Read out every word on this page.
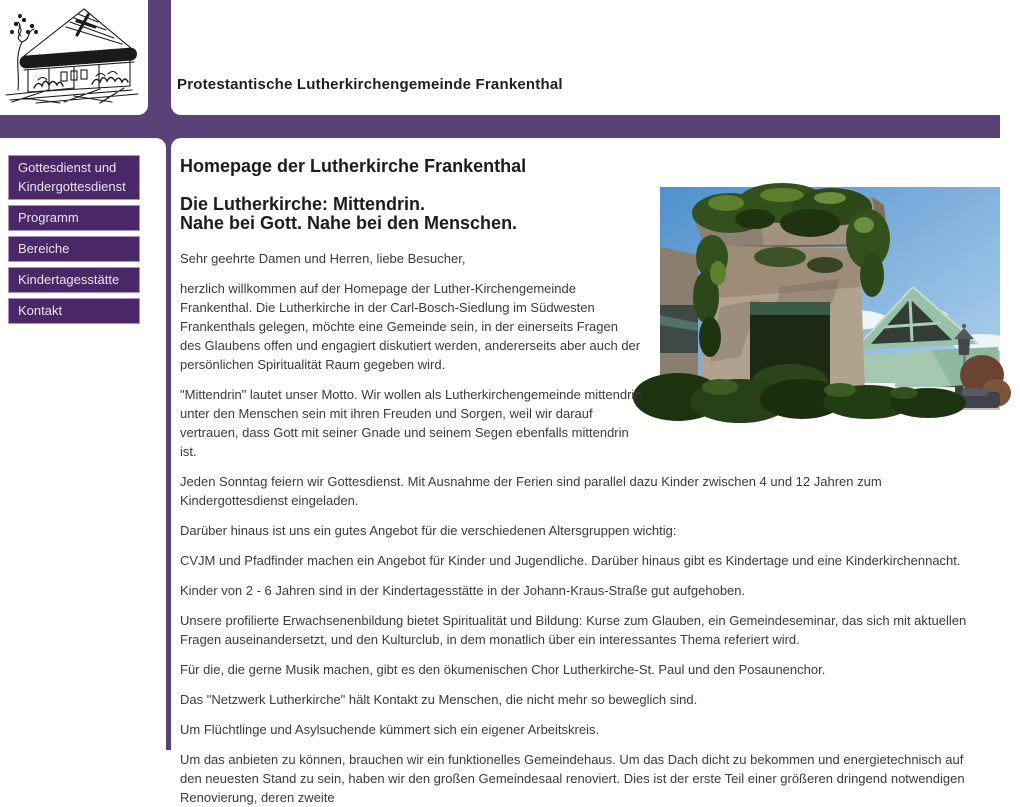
Protestantische Lutherkirchengemeinde Frankenthal
Gottesdienst und Kindergottesdienst
Programm
Bereiche
Kindertagesstätte
Kontakt
Homepage der Lutherkirche Frankenthal
Die Lutherkirche: Mittendrin.
Nahe bei Gott. Nahe bei den Menschen.

Sehr geehrte Damen und Herren, liebe Besucher,

herzlich willkommen auf der Homepage der Luther-Kirchengemeinde Frankenthal. Die Lutherkirche in der Carl-Bosch-Siedlung im Südwesten Frankenthals gelegen, möchte eine Gemeinde sein, in der einerseits Fragen des Glaubens offen und engagiert diskutiert werden, andererseits aber auch der persönlichen Spiritualität Raum gegeben wird.

"Mittendrin" lautet unser Motto. Wir wollen als Lutherkirchengemeinde mittendrin unter den Menschen sein mit ihren Freuden und Sorgen, weil wir darauf vertrauen, dass Gott mit seiner Gnade und seinem Segen ebenfalls mittendrin ist.

Jeden Sonntag feiern wir Gottesdienst. Mit Ausnahme der Ferien sind parallel dazu Kinder zwischen 4 und 12 Jahren zum Kindergottesdienst eingeladen.

Darüber hinaus ist uns ein gutes Angebot für die verschiedenen Altersgruppen wichtig:

CVJM und Pfadfinder machen ein Angebot für Kinder und Jugendliche. Darüber hinaus gibt es Kindertage und eine Kinderkirchennacht.

Kinder von 2 - 6 Jahren sind in der Kindertagesstätte in der Johann-Kraus-Straße gut aufgehoben.

Unsere profilierte Erwachsenenbildung bietet Spiritualität und Bildung: Kurse zum Glauben, ein Gemeindeseminar, das sich mit aktuellen Fragen auseinandersetzt, und den Kulturclub, in dem monatlich über ein interessantes Thema referiert wird.

Für die, die gerne Musik machen, gibt es den ökumenischen Chor Lutherkirche-St. Paul und den Posaunenchor.

Das "Netzwerk Lutherkirche" hält Kontakt zu Menschen, die nicht mehr so beweglich sind.

Um Flüchtlinge und Asylsuchende kümmert sich ein eigener Arbeitskreis.

Um das anbieten zu können, brauchen wir ein funktionelles Gemeindehaus. Um das Dach dicht zu bekommen und energietechnisch auf den neuesten Stand zu sein, haben wir den großen Gemeindesaal renoviert. Dies ist der erste Teil einer größeren dringend notwendigen Renovierung, deren zweite
